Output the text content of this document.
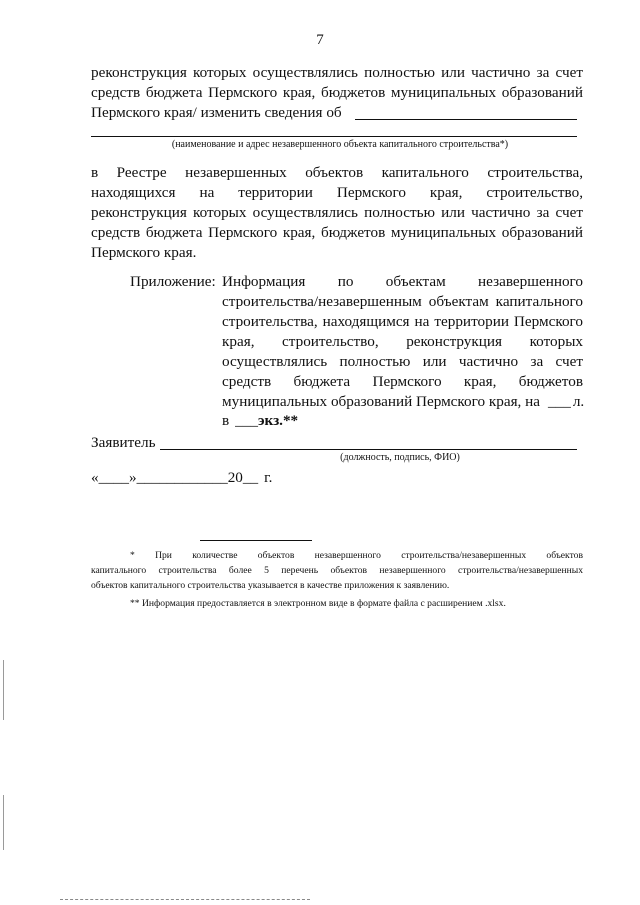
7
реконструкция которых осуществлялись полностью или частично за счет
средств бюджета Пермского края, бюджетов муниципальных образований
Пермского края/ изменить сведения об
(наименование и адрес незавершенного объекта капитального строительства*)
в Реестре незавершенных объектов капитального строительства,
находящихся на территории Пермского края, строительство,
реконструкция которых осуществлялись полностью или частично за счет
средств бюджета Пермского края, бюджетов муниципальных образований
Пермского края.
Приложение: Информация по объектам незавершенного
строительства/незавершенным объектам капитального
строительства, находящимся на территории Пермского
края, строительство, реконструкция которых
осуществлялись полностью или частично за счет
средств бюджета Пермского края, бюджетов
муниципальных образований Пермского края, на ___ л.
в ___экз.**
Заявитель
(должность, подпись, ФИО)
«____»____________20__ г.
* При количестве объектов незавершенного строительства/незавершенных объектов
капитального строительства более 5 перечень объектов незавершенного строительства/незавершенных
объектов капитального строительства указывается в качестве приложения к заявлению.
** Информация предоставляется в электронном виде в формате файла с расширением .xlsx.
